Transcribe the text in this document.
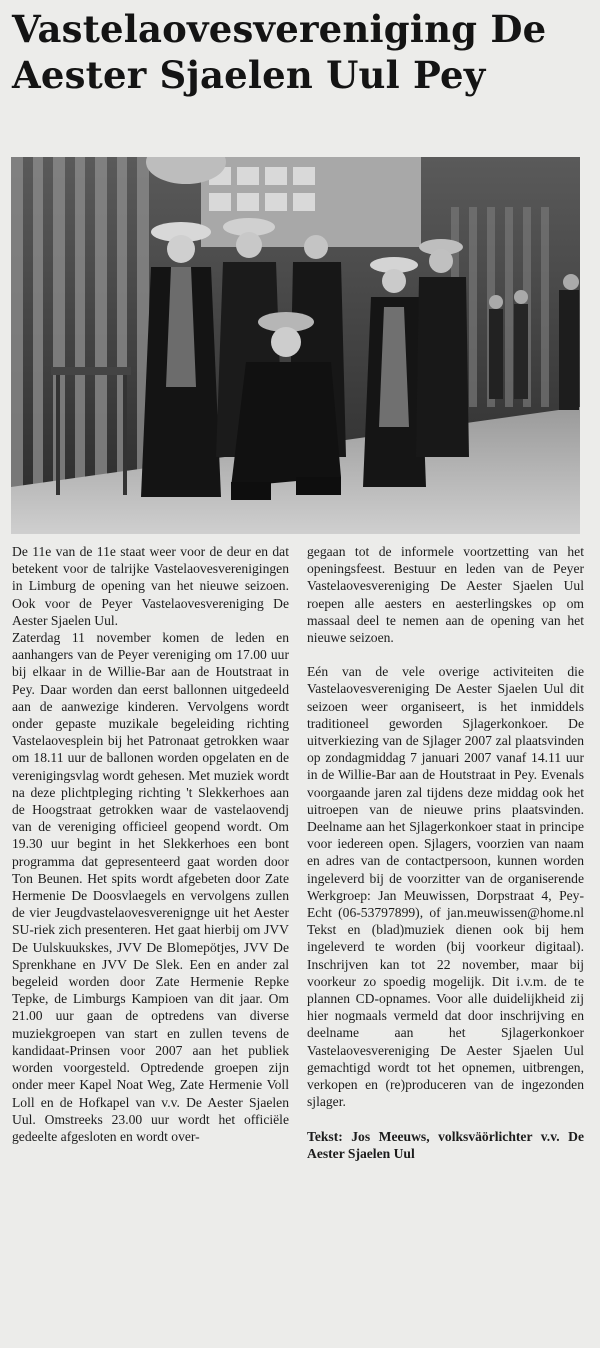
Vastelaovesvereniging De Aester Sjaelen Uul Pey

De 11e van de 11e staat weer voor de deur en dat betekent voor de talrijke Vastelaovesverenigingen in Limburg de opening van het nieuwe seizoen. Ook voor de Peyer Vastelaovesvereniging De Aester Sjaelen Uul.

Zaterdag 11 november komen de leden en aanhangers van de Peyer vereniging om 17.00 uur bij elkaar in de Willie-Bar aan de Houtstraat in Pey. Daar worden dan eerst ballonnen uitgedeeld aan de aanwezige kinderen. Vervolgens wordt onder gepaste muzikale begeleiding richting Vastelaovesplein bij het Patronaat getrokken waar om 18.11 uur de ballonen worden opgelaten en de verenigingsvlag wordt gehesen. Met muziek wordt na deze plichtpleging richting 't Slekkerhoes aan de Hoogstraat getrokken waar de vastelaovendj van de vereniging officieel geopend wordt. Om 19.30 uur begint in het Slekkerhoes een bont programma dat gepresenteerd gaat worden door Ton Beunen. Het spits wordt afgebeten door Zate Hermenie De Doosvlaegels en vervolgens zullen de vier Jeugdvastelaovesverenignge uit het Aester SU-riek zich presenteren. Het gaat hierbij om JVV De Uulskuukskes, JVV De Blomepötjes, JVV De Sprenkhane en JVV De Slek. Een en ander zal begeleid worden door Zate Hermenie Repke Tepke, de Limburgs Kampioen van dit jaar. Om 21.00 uur gaan de optredens van diverse muziekgroepen van start en zullen tevens de kandidaat-Prinsen voor 2007 aan het publiek worden voorgesteld. Optredende groepen zijn onder meer Kapel Noat Weg, Zate Hermenie Voll Loll en de Hofkapel van v.v. De Aester Sjaelen Uul. Omstreeks 23.00 uur wordt het officiële gedeelte afgesloten en wordt over-

gegaan tot de informele voortzetting van het openingsfeest. Bestuur en leden van de Peyer Vastelaovesvereniging De Aester Sjaelen Uul roepen alle aesters en aesterlingskes op om massaal deel te nemen aan de opening van het nieuwe seizoen.

Eén van de vele overige activiteiten die Vastelaovesvereniging De Aester Sjaelen Uul dit seizoen weer organiseert, is het inmiddels traditioneel geworden Sjlagerkonkoer. De uitverkiezing van de Sjlager 2007 zal plaatsvinden op zondagmiddag 7 januari 2007 vanaf 14.11 uur in de Willie-Bar aan de Houtstraat in Pey. Evenals voorgaande jaren zal tijdens deze middag ook het uitroepen van de nieuwe prins plaatsvinden. Deelname aan het Sjlagerkonkoer staat in principe voor iedereen open. Sjlagers, voorzien van naam en adres van de contactpersoon, kunnen worden ingeleverd bij de voorzitter van de organiserende Werkgroep: Jan Meuwissen, Dorpstraat 4, Pey-Echt (06-53797899), of jan.meuwissen@home.nl Tekst en (blad)muziek dienen ook bij hem ingeleverd te worden (bij voorkeur digitaal). Inschrijven kan tot 22 november, maar bij voorkeur zo spoedig mogelijk. Dit i.v.m. de te plannen CD-opnames. Voor alle duidelijkheid zij hier nogmaals vermeld dat door inschrijving en deelname aan het Sjlagerkonkoer Vastelaovesvereniging De Aester Sjaelen Uul gemachtigd wordt tot het opnemen, uitbrengen, verkopen en (re)produceren van de ingezonden sjlager.

Tekst: Jos Meeuws, volksväörlichter v.v. De Aester Sjaelen Uul
